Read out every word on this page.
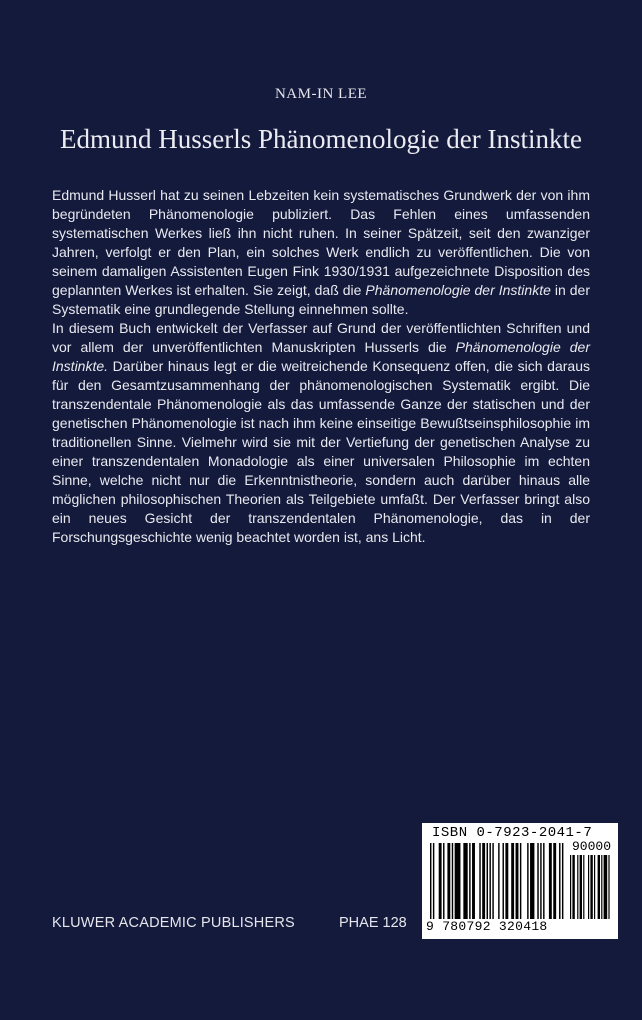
NAM-IN LEE
Edmund Husserls Phänomenologie der Instinkte

Edmund Husserl hat zu seinen Lebzeiten kein systematisches Grundwerk der von ihm begründeten Phänomenologie publiziert. Das Fehlen eines umfassenden systematischen Werkes ließ ihn nicht ruhen. In seiner Spätzeit, seit den zwanziger Jahren, verfolgt er den Plan, ein solches Werk endlich zu veröffentlichen. Die von seinem damaligen Assistenten Eugen Fink 1930/1931 aufgezeichnete Disposition des geplannten Werkes ist erhalten. Sie zeigt, daß die Phänomenologie der Instinkte in der Systematik eine grundlegende Stellung einnehmen sollte.

In diesem Buch entwickelt der Verfasser auf Grund der veröffentlichten Schriften und vor allem der unveröffentlichten Manuskripten Husserls die Phänomenologie der Instinkte. Darüber hinaus legt er die weitreichende Konsequenz offen, die sich daraus für den Gesamtzusammenhang der phänomenologischen Systematik ergibt. Die transzendentale Phänomenologie als das umfassende Ganze der statischen und der genetischen Phänomenologie ist nach ihm keine einseitige Bewußtseinsphilosophie im traditionellen Sinne. Vielmehr wird sie mit der Vertiefung der genetischen Analyse zu einer transzendentalen Monadologie als einer universalen Philosophie im echten Sinne, welche nicht nur die Erkenntnistheorie, sondern auch darüber hinaus alle möglichen philosophischen Theorien als Teilgebiete umfaßt. Der Verfasser bringt also ein neues Gesicht der transzendentalen Phänomenologie, das in der Forschungsgeschichte wenig beachtet worden ist, ans Licht.

KLUWER ACADEMIC PUBLISHERS	PHAE 128
ISBN 0-7923-2041-7
90000
9 780792 320418
